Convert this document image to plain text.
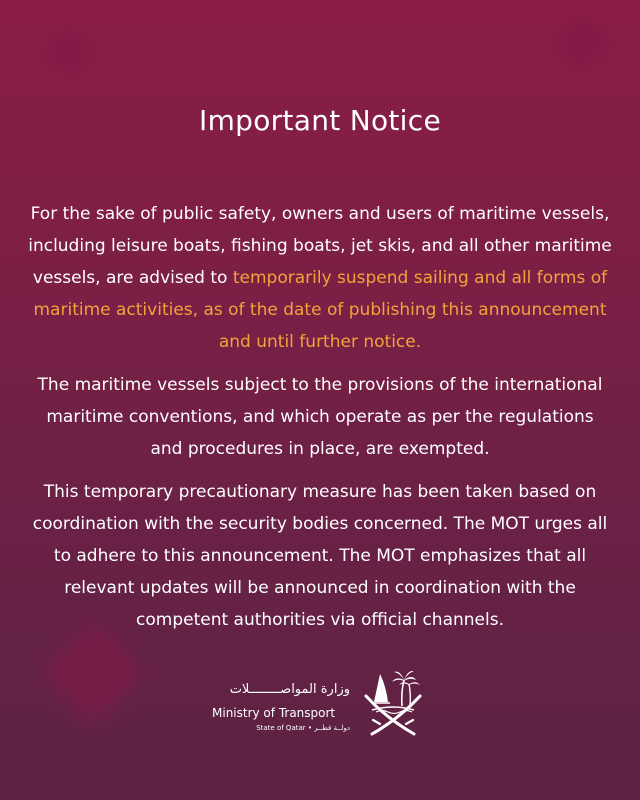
Important Notice
For the sake of public safety, owners and users of maritime vessels, including leisure boats, fishing boats, jet skis, and all other maritime vessels, are advised to temporarily suspend sailing and all forms of maritime activities, as of the date of publishing this announcement and until further notice.
The maritime vessels subject to the provisions of the international maritime conventions, and which operate as per the regulations and procedures in place, are exempted.
This temporary precautionary measure has been taken based on coordination with the security bodies concerned. The MOT urges all to adhere to this announcement. The MOT emphasizes that all relevant updates will be announced in coordination with the competent authorities via official channels.
وزارة المواصــــــــلات
Ministry of Transport
State of Qatar • دولــة قطــر
